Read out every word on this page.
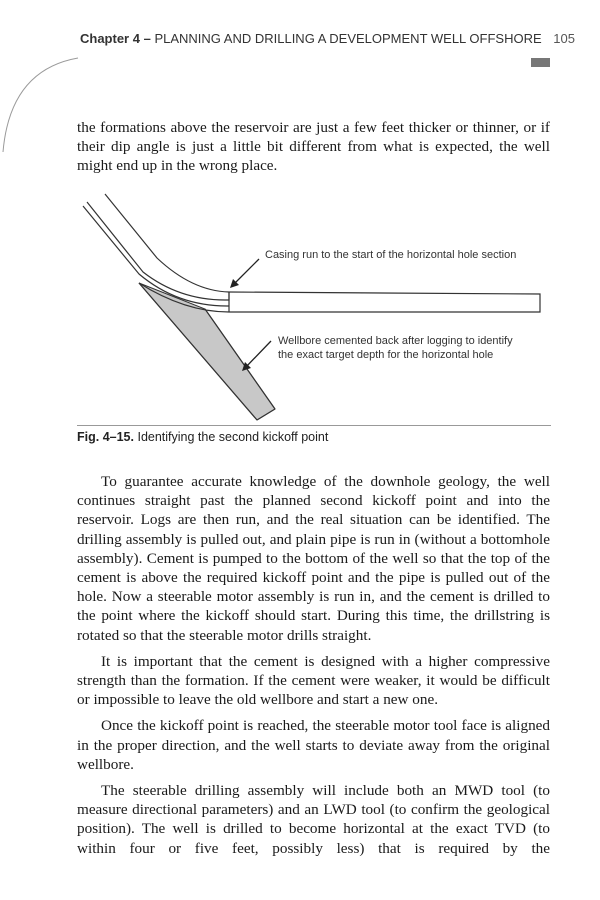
Chapter 4 – PLANNING AND DRILLING A DEVELOPMENT WELL OFFSHORE 105

the formations above the reservoir are just a few feet thicker or thinner, or if their dip angle is just a little bit different from what is expected, the well might end up in the wrong place.

Casing run to the start of the horizontal hole section
Wellbore cemented back after logging to identify
the exact target depth for the horizontal hole
Fig. 4–15. Identifying the second kickoff point

To guarantee accurate knowledge of the downhole geology, the well continues straight past the planned second kickoff point and into the reservoir. Logs are then run, and the real situation can be identified. The drilling assembly is pulled out, and plain pipe is run in (without a bottomhole assembly). Cement is pumped to the bottom of the well so that the top of the cement is above the required kickoff point and the pipe is pulled out of the hole. Now a steerable motor assembly is run in, and the cement is drilled to the point where the kickoff should start. During this time, the drillstring is rotated so that the steerable motor drills straight.

It is important that the cement is designed with a higher compressive strength than the formation. If the cement were weaker, it would be difficult or impossible to leave the old wellbore and start a new one.

Once the kickoff point is reached, the steerable motor tool face is aligned in the proper direction, and the well starts to deviate away from the original wellbore.

The steerable drilling assembly will include both an MWD tool (to measure directional parameters) and an LWD tool (to confirm the geological position). The well is drilled to become horizontal at the exact TVD (to within four or five feet, possibly less) that is required by the
